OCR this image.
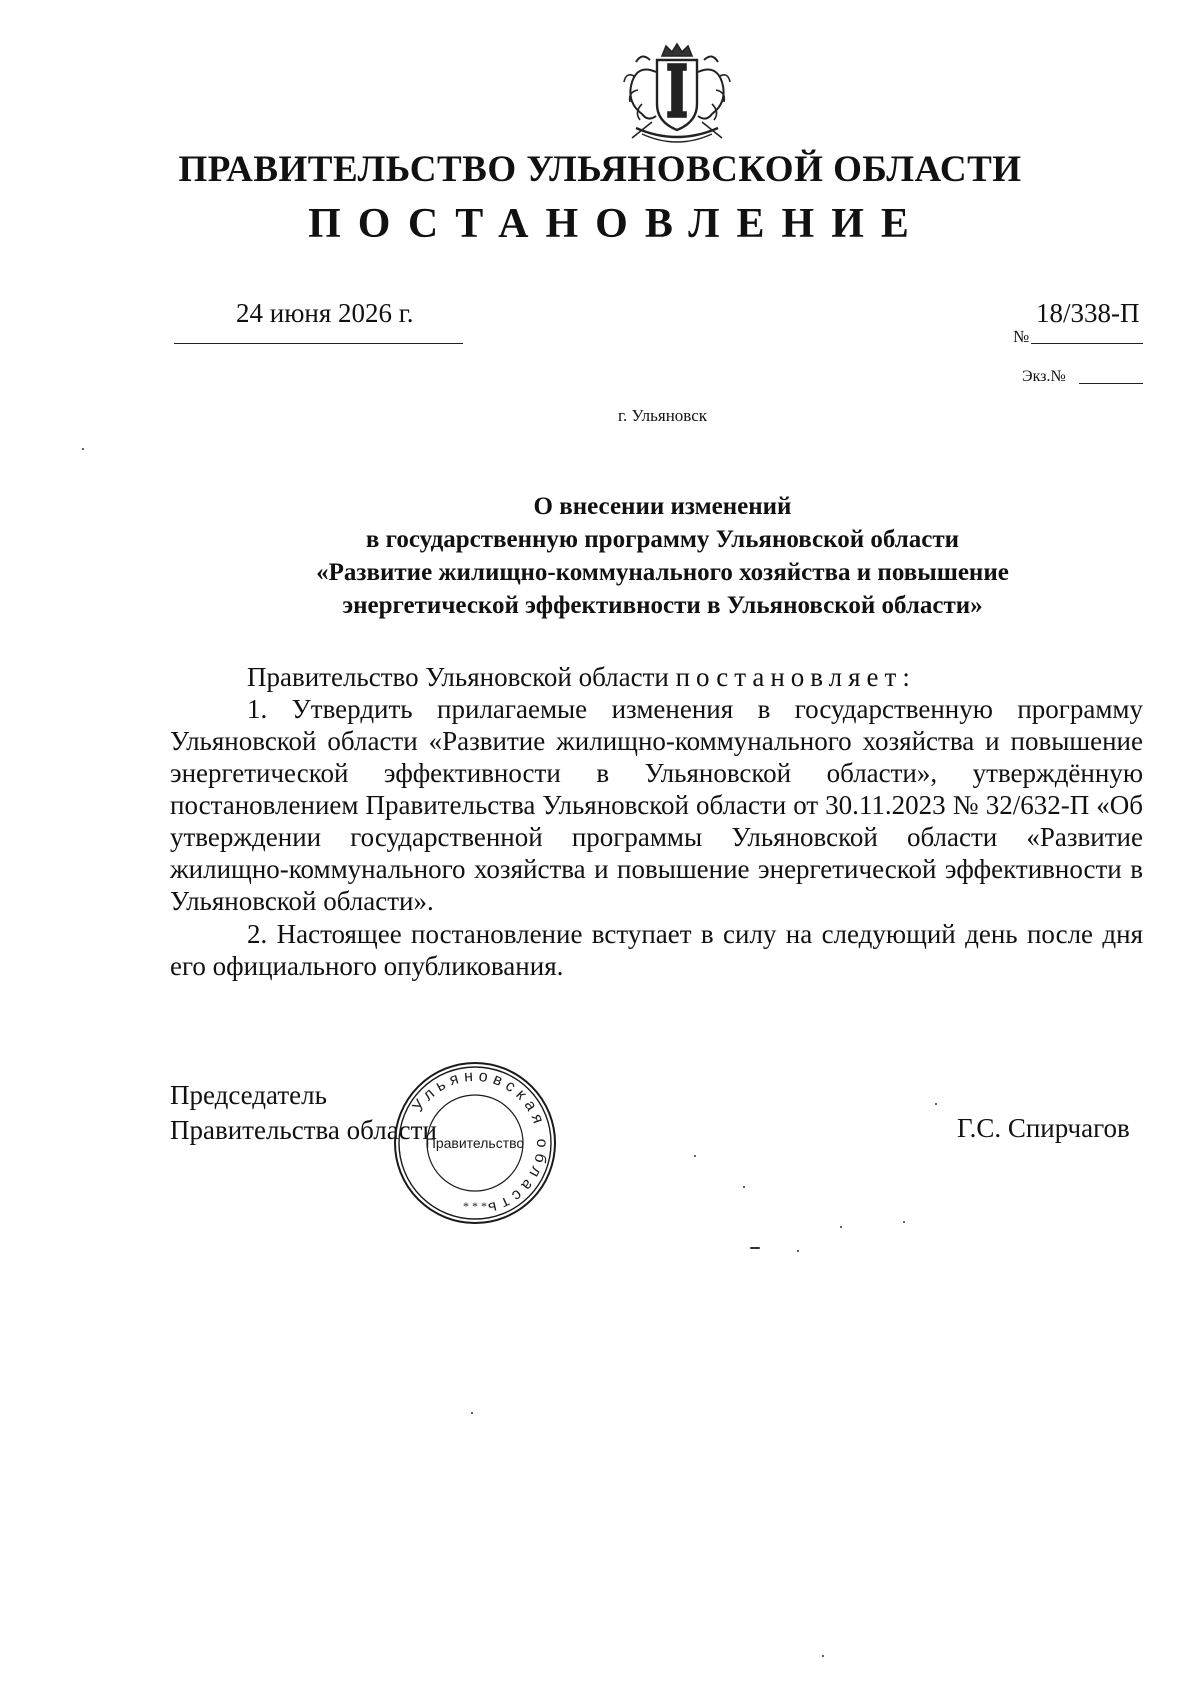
ПРАВИТЕЛЬСТВО УЛЬЯНОВСКОЙ ОБЛАСТИ
ПОСТАНОВЛЕНИЕ
24 июня 2026 г.
№
18/338-П
Экз.№
г. Ульяновск
О внесении изменений
в государственную программу Ульяновской области
«Развитие жилищно-коммунального хозяйства и повышение
энергетической эффективности в Ульяновской области»
Правительство Ульяновской области постановляет:
1. Утвердить прилагаемые изменения в государственную программу Ульяновской области «Развитие жилищно-коммунального хозяйства и повышение энергетической эффективности в Ульяновской области», утверждённую постановлением Правительства Ульяновской области от 30.11.2023 № 32/632-П «Об утверждении государственной программы Ульяновской области «Развитие жилищно-коммунального хозяйства и повышение энергетической эффективности в Ульяновской области».
2. Настоящее постановление вступает в силу на следующий день после дня его официального опубликования.
Председатель
Правительства области	Г.С. Спирчагов
Ульяновская область
Правительство
* * *
